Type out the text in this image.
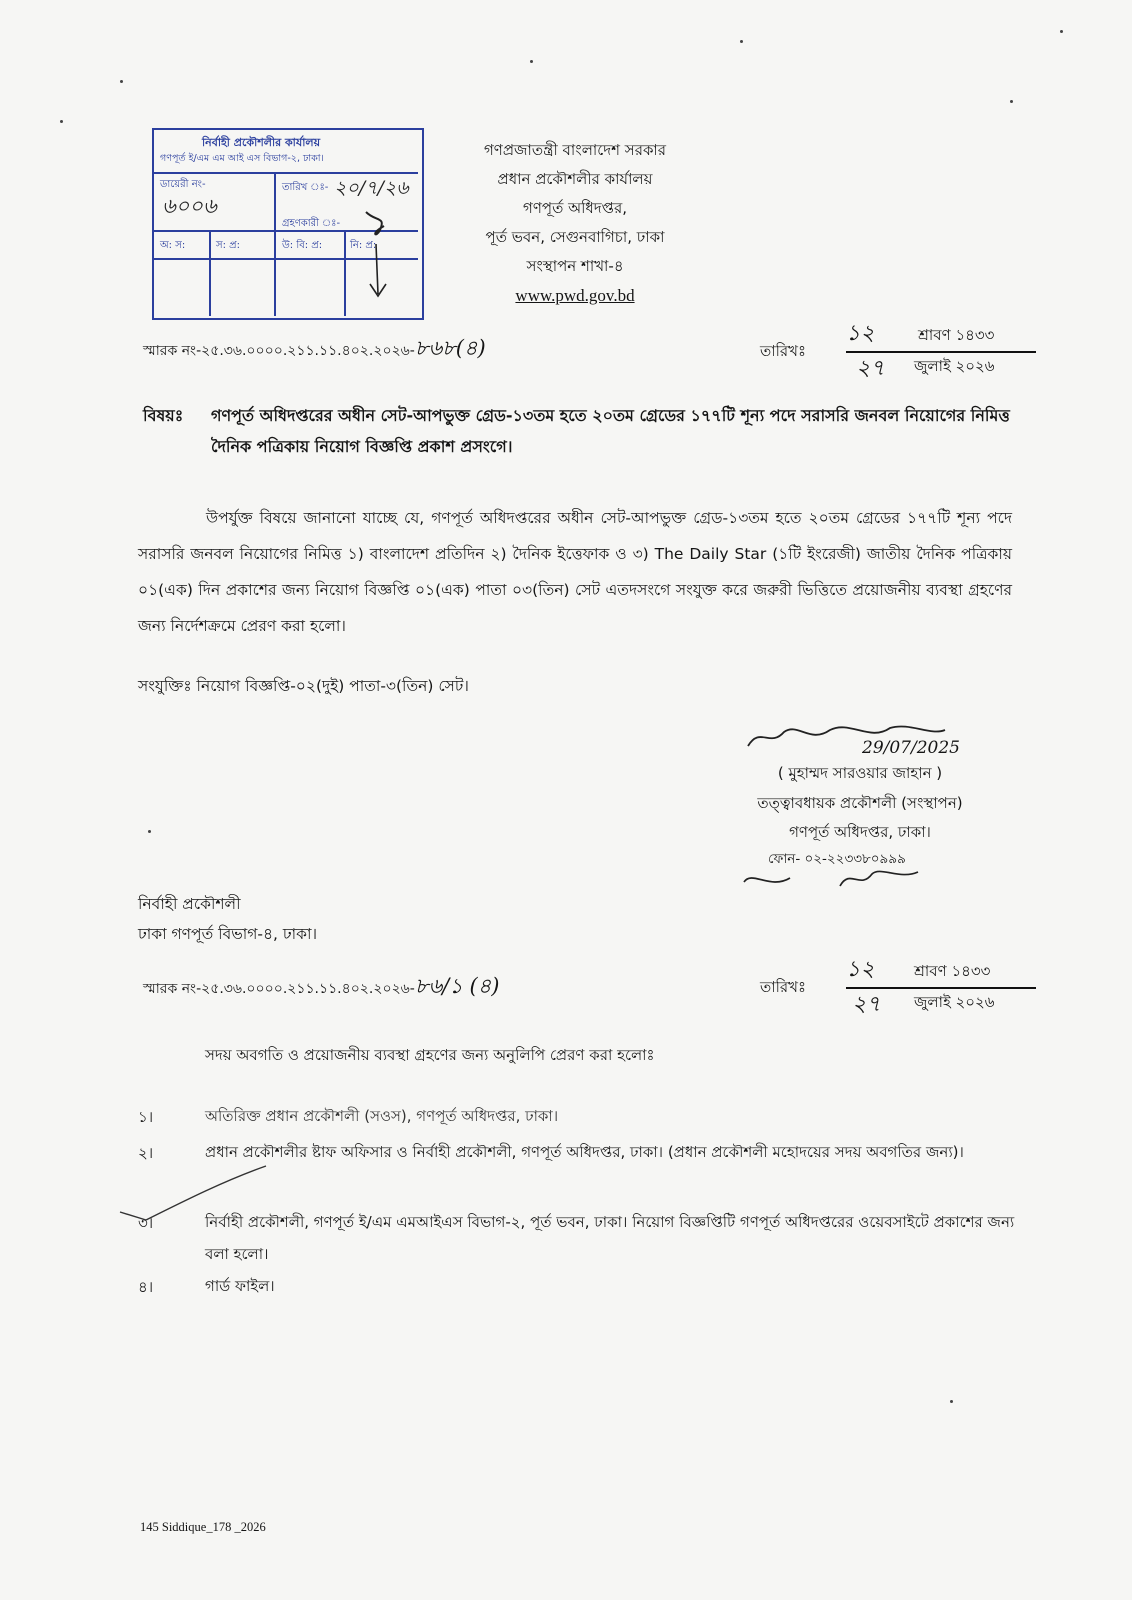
নির্বাহী প্রকৌশলীর কার্যালয়
গণপূর্ত ই/এম এম আই এস বিভাগ-২, ঢাকা।
ডায়েরী নং-
৬০০৬
তারিখ ঃ- ২০/৭/২৬
গ্রহণকারী ঃ-
অ: স:	স: প্র:	উ: বি: প্র:	নি: প্র:
গণপ্রজাতন্ত্রী বাংলাদেশ সরকার
প্রধান প্রকৌশলীর কার্যালয়
গণপূর্ত অধিদপ্তর,
পূর্ত ভবন, সেগুনবাগিচা, ঢাকা
সংস্থাপন শাখা-৪
www.pwd.gov.bd
স্মারক নং-২৫.৩৬.০০০০.২১১.১১.৪০২.২০২৬-৮৬৮(৪)	তারিখঃ
১২	শ্রাবণ ১৪৩৩
২৭ জুলাই ২০২৬
বিষয়ঃ গণপূর্ত অধিদপ্তরের অধীন সেট-আপভুক্ত গ্রেড-১৩তম হতে ২০তম গ্রেডের ১৭৭টি শূন্য পদে সরাসরি জনবল নিয়োগের নিমিত্ত দৈনিক পত্রিকায় নিয়োগ বিজ্ঞপ্তি প্রকাশ প্রসংগে।
উপর্যুক্ত বিষয়ে জানানো যাচ্ছে যে, গণপূর্ত অধিদপ্তরের অধীন সেট-আপভুক্ত গ্রেড-১৩তম হতে ২০তম গ্রেডের ১৭৭টি শূন্য পদে সরাসরি জনবল নিয়োগের নিমিত্ত ১) বাংলাদেশ প্রতিদিন ২) দৈনিক ইত্তেফাক ও ৩) The Daily Star (১টি ইংরেজী) জাতীয় দৈনিক পত্রিকায় ০১(এক) দিন প্রকাশের জন্য নিয়োগ বিজ্ঞপ্তি ০১(এক) পাতা ০৩(তিন) সেট এতদসংগে সংযুক্ত করে জরুরী ভিত্তিতে প্রয়োজনীয় ব্যবস্থা গ্রহণের জন্য নির্দেশক্রমে প্রেরণ করা হলো।
সংযুক্তিঃ নিয়োগ বিজ্ঞপ্তি-০২(দুই) পাতা-৩(তিন) সেট।
29/07/2025
( মুহাম্মদ সারওয়ার জাহান )
তত্ত্বাবধায়ক প্রকৌশলী (সংস্থাপন)
গণপূর্ত অধিদপ্তর, ঢাকা।
ফোন- ০২-২২৩৩৮০৯৯৯
নির্বাহী প্রকৌশলী
ঢাকা গণপূর্ত বিভাগ-৪, ঢাকা।
স্মারক নং-২৫.৩৬.০০০০.২১১.১১.৪০২.২০২৬-৮৬/১ (৪)	তারিখঃ
১২	শ্রাবণ ১৪৩৩
২৭ জুলাই ২০২৬
সদয় অবগতি ও প্রয়োজনীয় ব্যবস্থা গ্রহণের জন্য অনুলিপি প্রেরণ করা হলোঃ
১।	অতিরিক্ত প্রধান প্রকৌশলী (সওস), গণপূর্ত অধিদপ্তর, ঢাকা।
২।	প্রধান প্রকৌশলীর ষ্টাফ অফিসার ও নির্বাহী প্রকৌশলী, গণপূর্ত অধিদপ্তর, ঢাকা। (প্রধান প্রকৌশলী মহোদয়ের সদয় অবগতির জন্য)।
৩।	নির্বাহী প্রকৌশলী, গণপূর্ত ই/এম এমআইএস বিভাগ-২, পূর্ত ভবন, ঢাকা। নিয়োগ বিজ্ঞপ্তিটি গণপূর্ত অধিদপ্তরের ওয়েবসাইটে প্রকাশের জন্য বলা হলো।
৪।	গার্ড ফাইল।
145 Siddique_178 _2026
